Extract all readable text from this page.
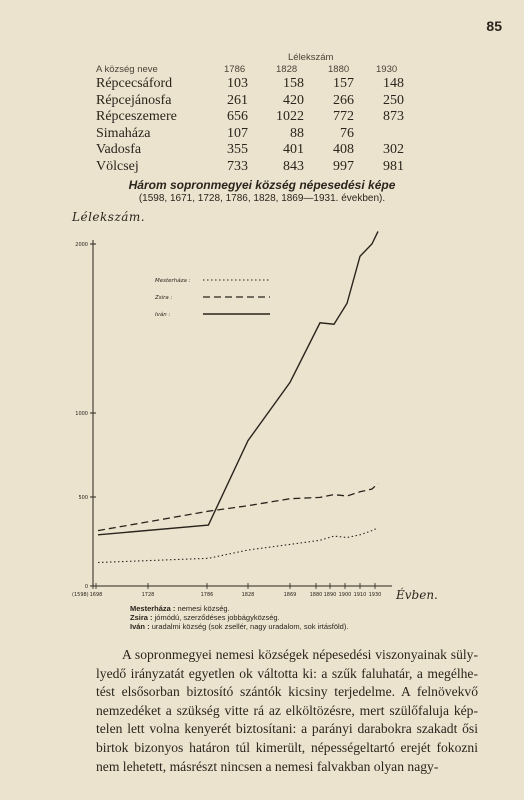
85
Lélekszám
A község neve	1786	1828	1880	1930
Répcecsáford	103	158	157	148
Répcejánosfa	261	420	266	250
Répceszemere	656	1022	772	873
Simaháza	107	88	76
Vadosfa	355	401	408	302
Völcsej	733	843	997	981
Három sopronmegyei község népesedési képe
(1598, 1671, 1728, 1786, 1828, 1869—1931. években).
Lélekszám.
Évben.
2000
1000
500
0
(1598) 1698	1728	1786	1828	1869	1880 1890 1900 1910 1930
Mesterháza :
Zsira :
Iván :
Mesterháza : nemesi község.
Zsira : jómódú, szerződéses jobbágyközség.
Iván : uradalmi község (sok zsellér, nagy uradalom, sok irtásföld).

A sopronmegyei nemesi községek népesedési viszonyainak sülylyedő irányzatát egyetlen ok váltotta ki: a szűk faluhatár, a megélhetést elsősorban biztosító szántók kicsiny terjedelme. A felnövekvő nemzedéket a szükség vitte rá az elköltözésre, mert szülőfaluja képtelen lett volna kenyerét biztosítani: a parányi darabokra szakadt ősi birtok bizonyos határon túl kimerült, népességeltartó erejét fokozni nem lehetett, másrészt nincsen a nemesi falvakban olyan nagy-
